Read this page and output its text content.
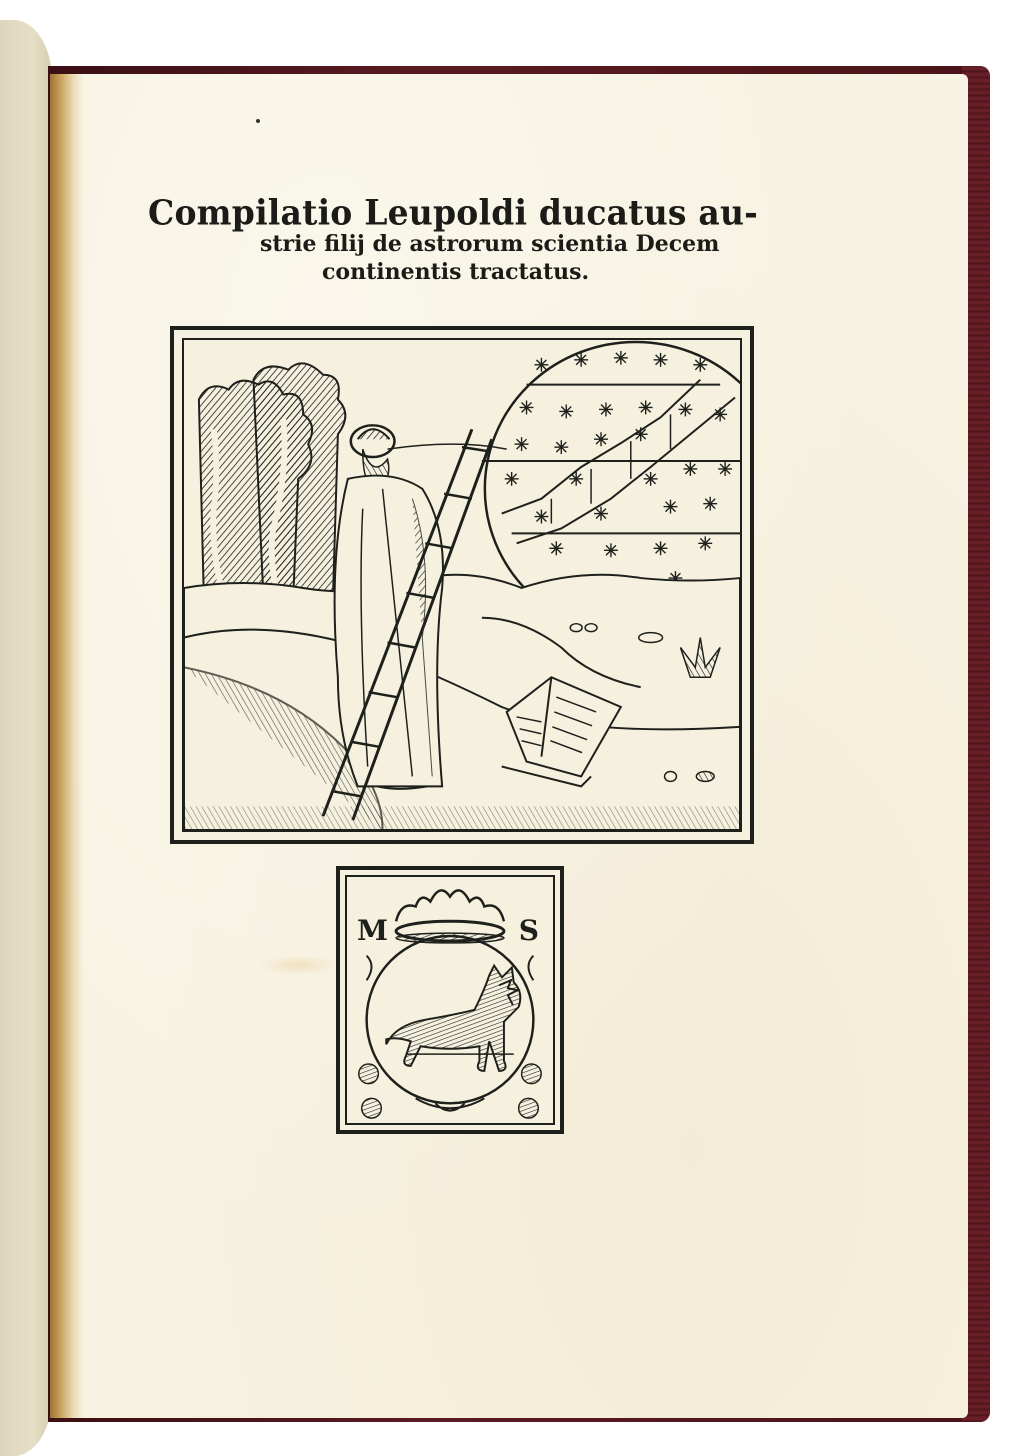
Compilatio Leupoldi ducatus au-
strie filij de astrorum scientia Decem
continentis tractatus.
M	S
